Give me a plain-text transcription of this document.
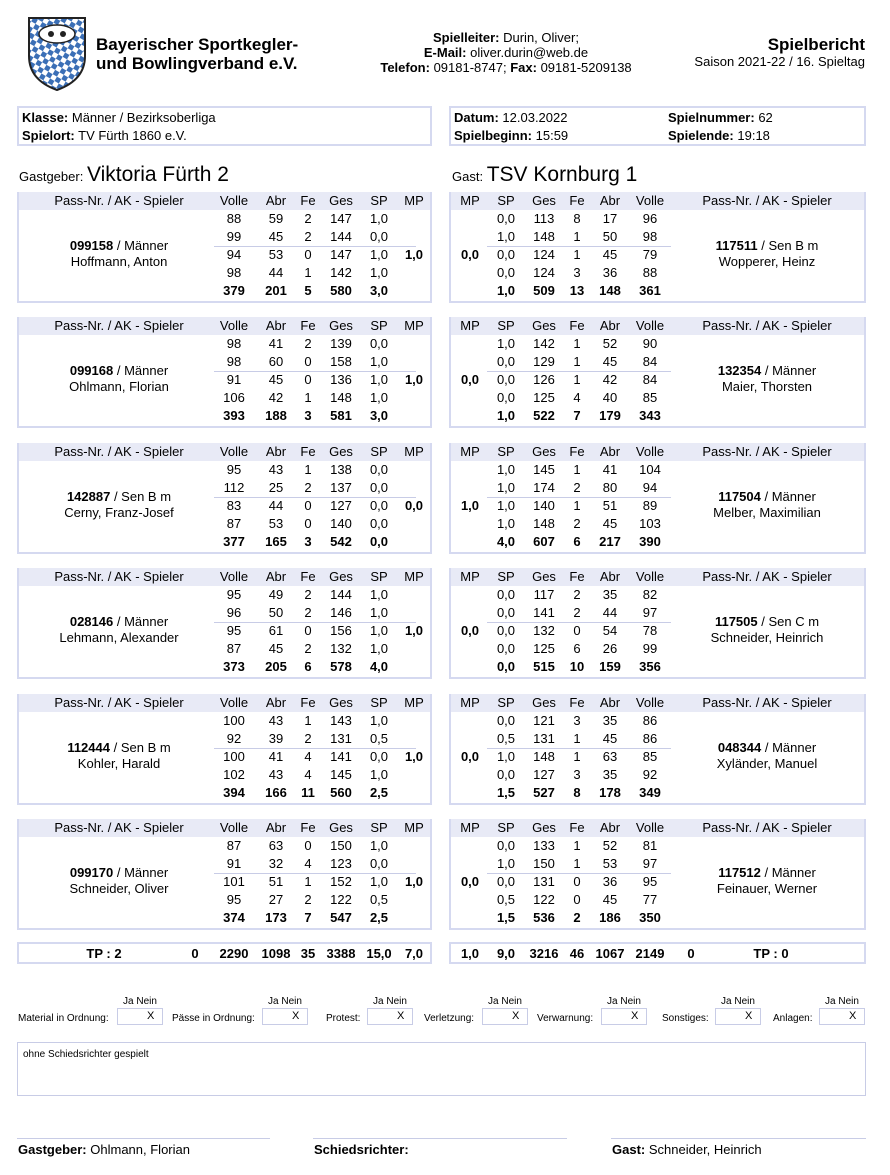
Bayerischer Sportkegler-
und Bowlingverband e.V.
Spielleiter: Durin, Oliver;
E-Mail: oliver.durin@web.de
Telefon: 09181-8747; Fax: 09181-5209138
Spielbericht
Saison 2021-22 / 16. Spieltag
Klasse: Männer / Bezirksoberliga
Spielort: TV Fürth 1860 e.V.
Datum: 12.03.2022
Spielbeginn: 15:59
Spielnummer: 62
Spielende: 19:18
Gastgeber: Viktoria Fürth 2	Gast: TSV Kornburg 1
Pass-Nr. / AK - Spieler	Volle	Abr	Fe	Ges	SP	MP
88	59	2	147	1,0
99	45	2	144	0,0
94	53	0	147	1,0
98	44	1	142	1,0
379	201	5	580	3,0
1,0
099158 / Männer
Hoffmann, Anton
MP	Pass-Nr. / AK - Spieler
SP	Ges	Fe	Abr	Volle
0,0	113	8	17	96
1,0	148	1	50	98
0,0	124	1	45	79
0,0	124	3	36	88
1,0	509	13	148	361
0,0
117511 / Sen B m
Wopperer, Heinz
Pass-Nr. / AK - Spieler	Volle	Abr	Fe	Ges	SP	MP
98	41	2	139	0,0
98	60	0	158	1,0
91	45	0	136	1,0
106	42	1	148	1,0
393	188	3	581	3,0
1,0
099168 / Männer
Ohlmann, Florian
MP	Pass-Nr. / AK - Spieler
SP	Ges	Fe	Abr	Volle
1,0	142	1	52	90
0,0	129	1	45	84
0,0	126	1	42	84
0,0	125	4	40	85
1,0	522	7	179	343
0,0
132354 / Männer
Maier, Thorsten
Pass-Nr. / AK - Spieler	Volle	Abr	Fe	Ges	SP	MP
95	43	1	138	0,0
112	25	2	137	0,0
83	44	0	127	0,0
87	53	0	140	0,0
377	165	3	542	0,0
0,0
142887 / Sen B m
Cerny, Franz-Josef
MP	Pass-Nr. / AK - Spieler
SP	Ges	Fe	Abr	Volle
1,0	145	1	41	104
1,0	174	2	80	94
1,0	140	1	51	89
1,0	148	2	45	103
4,0	607	6	217	390
1,0
117504 / Männer
Melber, Maximilian
Pass-Nr. / AK - Spieler	Volle	Abr	Fe	Ges	SP	MP
95	49	2	144	1,0
96	50	2	146	1,0
95	61	0	156	1,0
87	45	2	132	1,0
373	205	6	578	4,0
1,0
028146 / Männer
Lehmann, Alexander
MP	Pass-Nr. / AK - Spieler
SP	Ges	Fe	Abr	Volle
0,0	117	2	35	82
0,0	141	2	44	97
0,0	132	0	54	78
0,0	125	6	26	99
0,0	515	10	159	356
0,0
117505 / Sen C m
Schneider, Heinrich
Pass-Nr. / AK - Spieler	Volle	Abr	Fe	Ges	SP	MP
100	43	1	143	1,0
92	39	2	131	0,5
100	41	4	141	0,0
102	43	4	145	1,0
394	166	11	560	2,5
1,0
112444 / Sen B m
Kohler, Harald
MP	Pass-Nr. / AK - Spieler
SP	Ges	Fe	Abr	Volle
0,0	121	3	35	86
0,5	131	1	45	86
1,0	148	1	63	85
0,0	127	3	35	92
1,5	527	8	178	349
0,0
048344 / Männer
Xyländer, Manuel
Pass-Nr. / AK - Spieler	Volle	Abr	Fe	Ges	SP	MP
87	63	0	150	1,0
91	32	4	123	0,0
101	51	1	152	1,0
95	27	2	122	0,5
374	173	7	547	2,5
1,0
099170 / Männer
Schneider, Oliver
MP	Pass-Nr. / AK - Spieler
SP	Ges	Fe	Abr	Volle
0,0	133	1	52	81
1,0	150	1	53	97
0,0	131	0	36	95
0,5	122	0	45	77
1,5	536	2	186	350
0,0
117512 / Männer
Feinauer, Werner
TP : 2	0	2290 1098 35 3388 15,0	7,0	1,0	9,0	3216 46 1067 2149	0	TP : 0
Material in Ordnung:
Ja Nein
X Pässe in Ordnung:
Ja Nein
X	Protest:
Ja Nein
X Verletzung:
Ja Nein
X Verwarnung:
Ja Nein
X Sonstiges:
Ja Nein
X Anlagen:
Ja Nein
X
ohne Schiedsrichter gespielt
Gastgeber: Ohlmann, Florian	Schiedsrichter:	Gast: Schneider, Heinrich
